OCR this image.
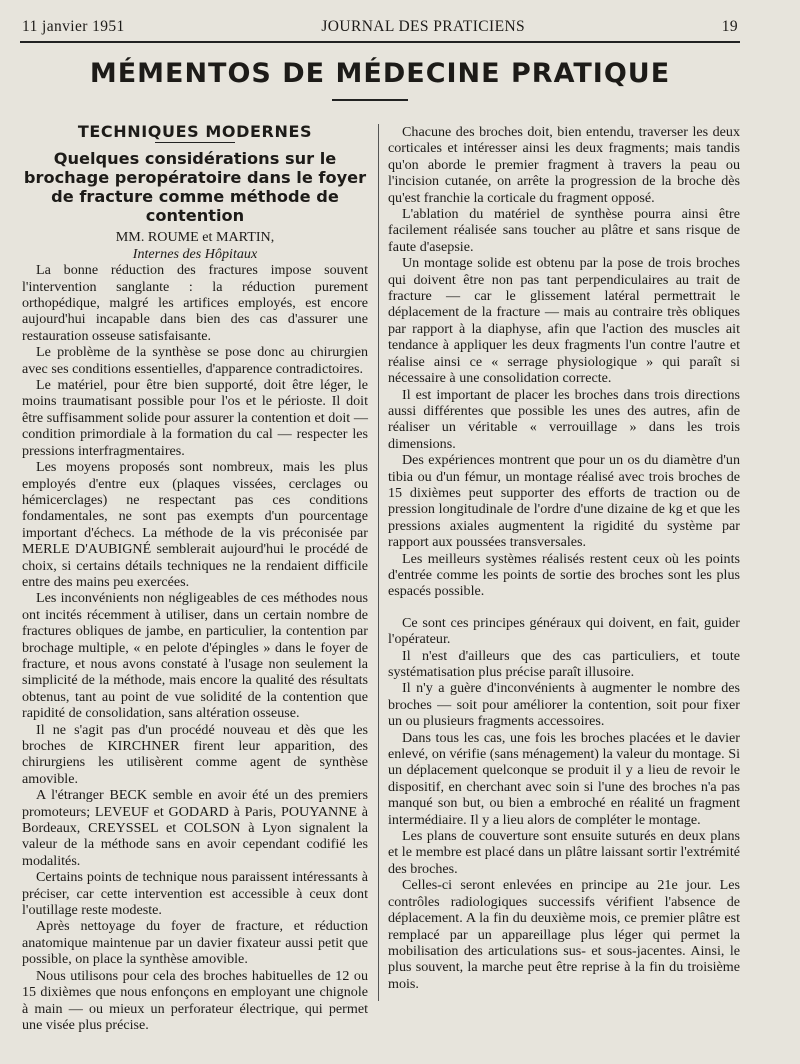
11 janvier 1951	JOURNAL DES PRATICIENS	19
MÉMENTOS DE MÉDECINE PRATIQUE
TECHNIQUES MODERNES
Quelques considérations sur le brochage peropératoire dans le foyer de fracture comme méthode de contention

MM. ROUME et MARTIN,

Internes des Hôpitaux

La bonne réduction des fractures impose souvent l'intervention sanglante : la réduction purement orthopédique, malgré les artifices employés, est encore aujourd'hui incapable dans bien des cas d'assurer une restauration osseuse satisfaisante.

Le problème de la synthèse se pose donc au chirurgien avec ses conditions essentielles, d'apparence contradictoires.

Le matériel, pour être bien supporté, doit être léger, le moins traumatisant possible pour l'os et le périoste. Il doit être suffisamment solide pour assurer la contention et doit — condition primordiale à la formation du cal — respecter les pressions interfragmentaires.

Les moyens proposés sont nombreux, mais les plus employés d'entre eux (plaques vissées, cerclages ou hémicerclages) ne respectant pas ces conditions fondamentales, ne sont pas exempts d'un pourcentage important d'échecs. La méthode de la vis préconisée par MERLE D'AUBIGNÉ semblerait aujourd'hui le procédé de choix, si certains détails techniques ne la rendaient difficile entre des mains peu exercées.

Les inconvénients non négligeables de ces méthodes nous ont incités récemment à utiliser, dans un certain nombre de fractures obliques de jambe, en particulier, la contention par brochage multiple, « en pelote d'épingles » dans le foyer de fracture, et nous avons constaté à l'usage non seulement la simplicité de la méthode, mais encore la qualité des résultats obtenus, tant au point de vue solidité de la contention que rapidité de consolidation, sans altération osseuse.

Il ne s'agit pas d'un procédé nouveau et dès que les broches de KIRCHNER firent leur apparition, des chirurgiens les utilisèrent comme agent de synthèse amovible.

A l'étranger BECK semble en avoir été un des premiers promoteurs; LEVEUF et GODARD à Paris, POUYANNE à Bordeaux, CREYSSEL et COLSON à Lyon signalent la valeur de la méthode sans en avoir cependant codifié les modalités.

Certains points de technique nous paraissent intéressants à préciser, car cette intervention est accessible à ceux dont l'outillage reste modeste.

Après nettoyage du foyer de fracture, et réduction anatomique maintenue par un davier fixateur aussi petit que possible, on place la synthèse amovible.

Nous utilisons pour cela des broches habituelles de 12 ou 15 dixièmes que nous enfonçons en employant une chignole à main — ou mieux un perforateur électrique, qui permet une visée plus précise.

Chacune des broches doit, bien entendu, traverser les deux corticales et intéresser ainsi les deux fragments; mais tandis qu'on aborde le premier fragment à travers la peau ou l'incision cutanée, on arrête la progression de la broche dès qu'est franchie la corticale du fragment opposé.

L'ablation du matériel de synthèse pourra ainsi être facilement réalisée sans toucher au plâtre et sans risque de faute d'asepsie.

Un montage solide est obtenu par la pose de trois broches qui doivent être non pas tant perpendiculaires au trait de fracture — car le glissement latéral permettrait le déplacement de la fracture — mais au contraire très obliques par rapport à la diaphyse, afin que l'action des muscles ait tendance à appliquer les deux fragments l'un contre l'autre et réalise ainsi ce « serrage physiologique » qui paraît si nécessaire à une consolidation correcte.

Il est important de placer les broches dans trois directions aussi différentes que possible les unes des autres, afin de réaliser un véritable « verrouillage » dans les trois dimensions.

Des expériences montrent que pour un os du diamètre d'un tibia ou d'un fémur, un montage réalisé avec trois broches de 15 dixièmes peut supporter des efforts de traction ou de pression longitudinale de l'ordre d'une dizaine de kg et que les pressions axiales augmentent la rigidité du système par rapport aux poussées transversales.

Les meilleurs systèmes réalisés restent ceux où les points d'entrée comme les points de sortie des broches sont les plus espacés possible.

Ce sont ces principes généraux qui doivent, en fait, guider l'opérateur.

Il n'est d'ailleurs que des cas particuliers, et toute systématisation plus précise paraît illusoire.

Il n'y a guère d'inconvénients à augmenter le nombre des broches — soit pour améliorer la contention, soit pour fixer un ou plusieurs fragments accessoires.

Dans tous les cas, une fois les broches placées et le davier enlevé, on vérifie (sans ménagement) la valeur du montage. Si un déplacement quelconque se produit il y a lieu de revoir le dispositif, en cherchant avec soin si l'une des broches n'a pas manqué son but, ou bien a embroché en réalité un fragment intermédiaire. Il y a lieu alors de compléter le montage.

Les plans de couverture sont ensuite suturés en deux plans et le membre est placé dans un plâtre laissant sortir l'extrémité des broches.

Celles-ci seront enlevées en principe au 21e jour. Les contrôles radiologiques successifs vérifient l'absence de déplacement. A la fin du deuxième mois, ce premier plâtre est remplacé par un appareillage plus léger qui permet la mobilisation des articulations sus- et sous-jacentes. Ainsi, le plus souvent, la marche peut être reprise à la fin du troisième mois.
